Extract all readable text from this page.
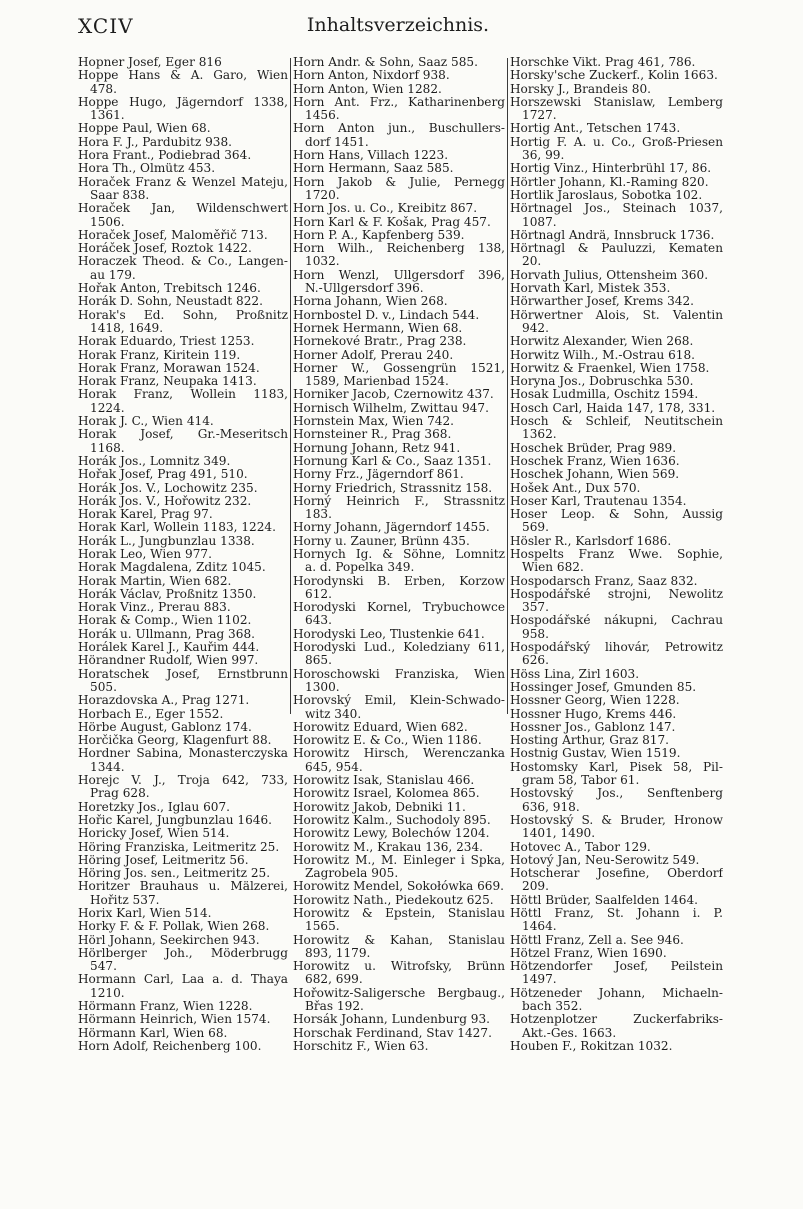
XCIV	Inhaltsverzeichnis.
Hopner Josef, Eger 816
Hoppe Hans & A. Garo, Wien
478.
Hoppe Hugo, Jägerndorf 1338,
1361.
Hoppe Paul, Wien 68.
Hora F. J., Pardubitz 938.
Hora Frant., Podiebrad 364.
Hora Th., Olmütz 453.
Horaček Franz & Wenzel Mateju,
Saar 838.
Horaček Jan, Wildenschwert
1506.
Horaček Josef, Maloměřič 713.
Horáček Josef, Roztok 1422.
Horaczek Theod. & Co., Langen-
au 179.
Hořak Anton, Trebitsch 1246.
Horák D. Sohn, Neustadt 822.
Horak's Ed. Sohn, Proßnitz
1418, 1649.
Horak Eduardo, Triest 1253.
Horak Franz, Kiritein 119.
Horak Franz, Morawan 1524.
Horak Franz, Neupaka 1413.
Horak Franz, Wollein 1183,
1224.
Horak J. C., Wien 414.
Horak Josef, Gr.-Meseritsch
1168.
Horák Jos., Lomnitz 349.
Hořak Josef, Prag 491, 510.
Horák Jos. V., Lochowitz 235.
Horák Jos. V., Hořowitz 232.
Horak Karel, Prag 97.
Horak Karl, Wollein 1183, 1224.
Horák L., Jungbunzlau 1338.
Horak Leo, Wien 977.
Horak Magdalena, Zditz 1045.
Horak Martin, Wien 682.
Horák Václav, Proßnitz 1350.
Horak Vinz., Prerau 883.
Horak & Comp., Wien 1102.
Horák u. Ullmann, Prag 368.
Horálek Karel J., Kauřim 444.
Hörandner Rudolf, Wien 997.
Horatschek Josef, Ernstbrunn
505.
Horazdovska A., Prag 1271.
Horbach E., Eger 1552.
Hörbe August, Gablonz 174.
Horčička Georg, Klagenfurt 88.
Hordner Sabina, Monasterczyska
1344.
Horejc V. J., Troja 642, 733,
Prag 628.
Horetzky Jos., Iglau 607.
Hořic Karel, Jungbunzlau 1646.
Horicky Josef, Wien 514.
Höring Franziska, Leitmeritz 25.
Höring Josef, Leitmeritz 56.
Höring Jos. sen., Leitmeritz 25.
Horitzer Brauhaus u. Mälzerei,
Hořitz 537.
Horix Karl, Wien 514.
Horky F. & F. Pollak, Wien 268.
Hörl Johann, Seekirchen 943.
Hörlberger Joh., Möderbrugg
547.
Hormann Carl, Laa a. d. Thaya
1210.
Hörmann Franz, Wien 1228.
Hörmann Heinrich, Wien 1574.
Hörmann Karl, Wien 68.
Horn Adolf, Reichenberg 100.
Horn Andr. & Sohn, Saaz 585.
Horn Anton, Nixdorf 938.
Horn Anton, Wien 1282.
Horn Ant. Frz., Katharinenberg
1456.
Horn Anton jun., Buschullers-
dorf 1451.
Horn Hans, Villach 1223.
Horn Hermann, Saaz 585.
Horn Jakob & Julie, Pernegg
1720.
Horn Jos. u. Co., Kreibitz 867.
Horn Karl & F. Košak, Prag 457.
Horn P. A., Kapfenberg 539.
Horn Wilh., Reichenberg 138,
1032.
Horn Wenzl, Ullgersdorf 396,
N.-Ullgersdorf 396.
Horna Johann, Wien 268.
Hornbostel D. v., Lindach 544.
Hornek Hermann, Wien 68.
Hornekové Bratr., Prag 238.
Horner Adolf, Prerau 240.
Horner W., Gossengrün 1521,
1589, Marienbad 1524.
Horniker Jacob, Czernowitz 437.
Hornisch Wilhelm, Zwittau 947.
Hornstein Max, Wien 742.
Hornsteiner R., Prag 368.
Hornung Johann, Retz 941.
Hornung Karl & Co., Saaz 1351.
Horny Frz., Jägerndorf 861.
Horny Friedrich, Strassnitz 158.
Horný Heinrich F., Strassnitz
183.
Horny Johann, Jägerndorf 1455.
Horny u. Zauner, Brünn 435.
Hornych Ig. & Söhne, Lomnitz
a. d. Popelka 349.
Horodynski B. Erben, Korzow
612.
Horodyski Kornel, Trybuchowce
643.
Horodyski Leo, Tlustenkie 641.
Horodyski Lud., Koledziany 611,
865.
Horoschowski Franziska, Wien
1300.
Horovský Emil, Klein-Schwado-
witz 340.
Horowitz Eduard, Wien 682.
Horowitz E. & Co., Wien 1186.
Horowitz Hirsch, Werenczanka
645, 954.
Horowitz Isak, Stanislau 466.
Horowitz Israel, Kolomea 865.
Horowitz Jakob, Debniki 11.
Horowitz Kalm., Suchodoly 895.
Horowitz Lewy, Bolechów 1204.
Horowitz M., Krakau 136, 234.
Horowitz M., M. Einleger i Spka,
Zagrobela 905.
Horowitz Mendel, Sokołówka 669.
Horowitz Nath., Piedekoutz 625.
Horowitz & Epstein, Stanislau
1565.
Horowitz & Kahan, Stanislau
893, 1179.
Horowitz u. Witrofsky, Brünn
682, 699.
Hořowitz-Saligersche Bergbaug.,
Břas 192.
Horsák Johann, Lundenburg 93.
Horschak Ferdinand, Stav 1427.
Horschitz F., Wien 63.
Horschke Vikt. Prag 461, 786.
Horsky'sche Zuckerf., Kolin 1663.
Horsky J., Brandeis 80.
Horszewski Stanislaw, Lemberg
1727.
Hortig Ant., Tetschen 1743.
Hortig F. A. u. Co., Groß-Priesen
36, 99.
Hortig Vinz., Hinterbrühl 17, 86.
Hörtler Johann, Kl.-Raming 820.
Hortlik Jaroslaus, Sobotka 102.
Hörtnagel Jos., Steinach 1037,
1087.
Hörtnagl Andrä, Innsbruck 1736.
Hörtnagl & Pauluzzi, Kematen
20.
Horvath Julius, Ottensheim 360.
Horvath Karl, Mistek 353.
Hörwarther Josef, Krems 342.
Hörwertner Alois, St. Valentin
942.
Horwitz Alexander, Wien 268.
Horwitz Wilh., M.-Ostrau 618.
Horwitz & Fraenkel, Wien 1758.
Horyna Jos., Dobruschka 530.
Hosak Ludmilla, Oschitz 1594.
Hosch Carl, Haida 147, 178, 331.
Hosch & Schleif, Neutitschein
1362.
Hoschek Brüder, Prag 989.
Hoschek Franz, Wien 1636.
Hoschek Johann, Wien 569.
Hošek Ant., Dux 570.
Hoser Karl, Trautenau 1354.
Hoser Leop. & Sohn, Aussig
569.
Hösler R., Karlsdorf 1686.
Hospelts Franz Wwe. Sophie,
Wien 682.
Hospodarsch Franz, Saaz 832.
Hospodářské strojni, Newolitz
357.
Hospodářské nákupni, Čachrau
958.
Hospodářský lihovár, Petrowitz
626.
Höss Lina, Zirl 1603.
Hossinger Josef, Gmunden 85.
Hossner Georg, Wien 1228.
Hossner Hugo, Krems 446.
Hossner Jos., Gablonz 147.
Hosting Arthur, Graz 817.
Hostnig Gustav, Wien 1519.
Hostomsky Karl, Pisek 58, Pil-
gram 58, Tabor 61.
Hostovský Jos., Senftenberg
636, 918.
Hostovský S. & Bruder, Hronow
1401, 1490.
Hotovec A., Tabor 129.
Hotový Jan, Neu-Serowitz 549.
Hotscherar Josefine, Oberdorf
209.
Höttl Brüder, Saalfelden 1464.
Höttl Franz, St. Johann i. P.
1464.
Höttl Franz, Zell a. See 946.
Hötzel Franz, Wien 1690.
Hötzendorfer Josef, Peilstein
1497.
Hötzeneder Johann, Michaeln-
bach 352.
Hotzenplotzer Zuckerfabriks-
Akt.-Ges. 1663.
Houben F., Rokitzan 1032.
